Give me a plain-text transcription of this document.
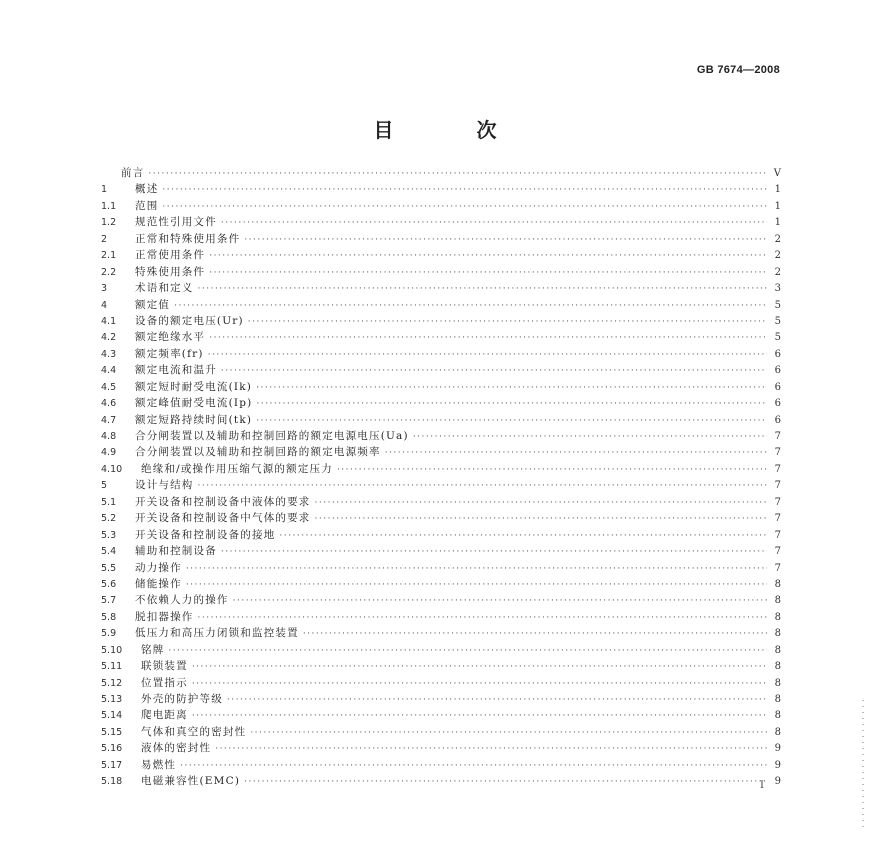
GB 7674—2008
目 次
前言 ·····	V
1	概述 ·····	1
1.1	范围 ·····	1
1.2	规范性引用文件 ·····	1
2	正常和特殊使用条件 ·····	2
2.1	正常使用条件 ·····	2
2.2	特殊使用条件 ·····	2
3	术语和定义 ·····	3
4	额定值 ·····	5
4.1	设备的额定电压(Ur) ·····	5
4.2	额定绝缘水平 ·····	5
4.3	额定频率(fr) ·····	6
4.4	额定电流和温升 ·····	6
4.5	额定短时耐受电流(Ik) ·····	6
4.6	额定峰值耐受电流(Ip) ·····	6
4.7	额定短路持续时间(tk) ·····	6
4.8	合分闸装置以及辅助和控制回路的额定电源电压(Ua) ·····	7
4.9	合分闸装置以及辅助和控制回路的额定电源频率 ·····	7
4.10	绝缘和/或操作用压缩气源的额定压力 ·····	7
5	设计与结构 ·····	7
5.1	开关设备和控制设备中液体的要求 ·····	7
5.2	开关设备和控制设备中气体的要求 ·····	7
5.3	开关设备和控制设备的接地 ·····	7
5.4	辅助和控制设备 ·····	7
5.5	动力操作 ·····	7
5.6	储能操作 ·····	8
5.7	不依赖人力的操作 ·····	8
5.8	脱扣器操作 ·····	8
5.9	低压力和高压力闭锁和监控装置 ·····	8
5.10	铭牌 ·····	8
5.11	联锁装置 ·····	8
5.12	位置指示 ·····	8
5.13	外壳的防护等级 ·····	8
5.14	爬电距离 ·····	8
5.15	气体和真空的密封性 ·····	8
5.16	液体的密封性 ·····	9
5.17	易燃性 ·····	9
5.18	电磁兼容性(EMC) ·····	9
I
